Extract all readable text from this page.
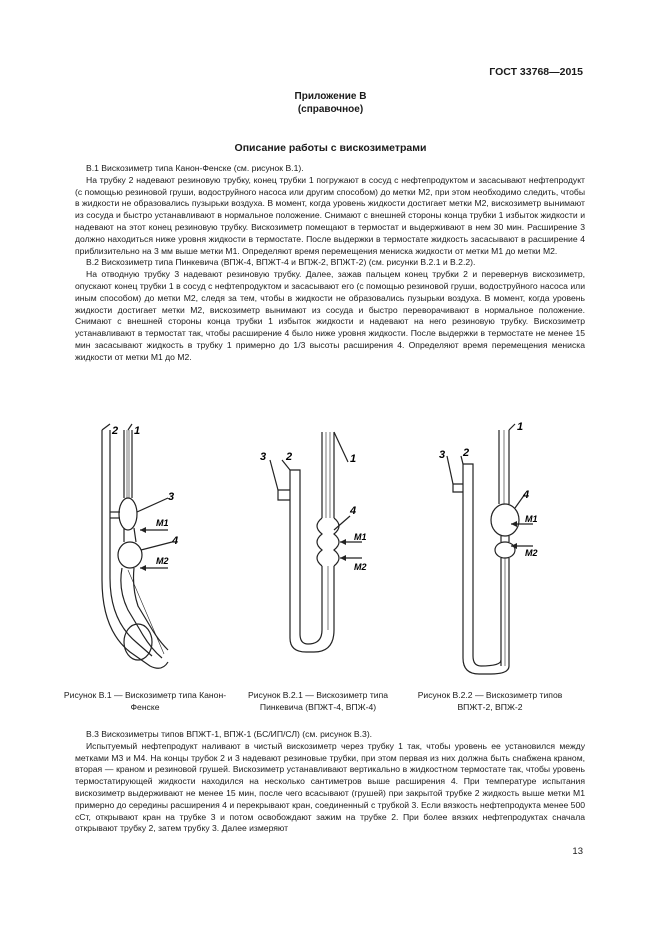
ГОСТ 33768—2015
Приложение В
(справочное)
Описание работы с вискозиметрами

В.1 Вискозиметр типа Канон-Фенске (см. рисунок В.1).

На трубку 2 надевают резиновую трубку, конец трубки 1 погружают в сосуд с нефтепродуктом и засасывают нефтепродукт (с помощью резиновой груши, водоструйного насоса или другим способом) до метки M2, при этом необходимо следить, чтобы в жидкости не образовались пузырьки воздуха. В момент, когда уровень жидкости достигает метки M2, вискозиметр вынимают из сосуда и быстро устанавливают в нормальное положение. Снимают с внешней стороны конца трубки 1 избыток жидкости и надевают на этот конец резиновую трубку. Вискозиметр помещают в термостат и выдерживают в нем 30 мин. Расширение 3 должно находиться ниже уровня жидкости в термостате. После выдержки в термостате жидкость засасывают в расширение 4 приблизительно на 3 мм выше метки M1. Определяют время перемещения мениска жидкости от метки M1 до метки M2.

В.2 Вискозиметр типа Пинкевича (ВПЖ-4, ВПЖТ-4 и ВПЖ-2, ВПЖТ-2) (см. рисунки В.2.1 и В.2.2).

На отводную трубку 3 надевают резиновую трубку. Далее, зажав пальцем конец трубки 2 и перевернув вискозиметр, опускают конец трубки 1 в сосуд с нефтепродуктом и засасывают его (с помощью резиновой груши, водоструйного насоса или иным способом) до метки M2, следя за тем, чтобы в жидкости не образовались пузырьки воздуха. В момент, когда уровень жидкости достигает метки M2, вискозиметр вынимают из сосуда и быстро переворачивают в нормальное положение. Снимают с внешней стороны конца трубки 1 избыток жидкости и надевают на него резиновую трубку. Вискозиметр устанавливают в термостат так, чтобы расширение 4 было ниже уровня жидкости. После выдержки в термостате не менее 15 мин засасывают жидкость в трубку 1 примерно до 1/3 высоты расширения 4. Определяют время перемещения мениска жидкости от метки M1 до M2.

2 1
3
4
M1
M2
2
3	1
4
M1
M2
2
3
1
4
M1
M2
Рисунок В.1 — Вискозиметр типа Канон-Фенске
Рисунок В.2.1 — Вискозиметр типа Пинкевича (ВПЖТ-4, ВПЖ-4)
Рисунок В.2.2 — Вискозиметр типов ВПЖТ-2, ВПЖ-2

В.3 Вискозиметры типов ВПЖТ-1, ВПЖ-1 (БС/ИП/СЛ) (см. рисунок В.3).

Испытуемый нефтепродукт наливают в чистый вискозиметр через трубку 1 так, чтобы уровень ее установился между метками M3 и M4. На концы трубок 2 и 3 надевают резиновые трубки, при этом первая из них должна быть снабжена краном, вторая — краном и резиновой грушей. Вискозиметр устанавливают вертикально в жидкостном термостате так, чтобы уровень термостатирующей жидкости находился на несколько сантиметров выше расширения 4. При температуре испытания вискозиметр выдерживают не менее 15 мин, после чего всасывают (грушей) при закрытой трубке 2 жидкость выше метки M1 примерно до середины расширения 4 и перекрывают кран, соединенный с трубкой 3. Если вязкость нефтепродукта менее 500 сСт, открывают кран на трубке 3 и потом освобождают зажим на трубке 2. При более вязких нефтепродуктах сначала открывают трубку 2, затем трубку 3. Далее измеряют

13
